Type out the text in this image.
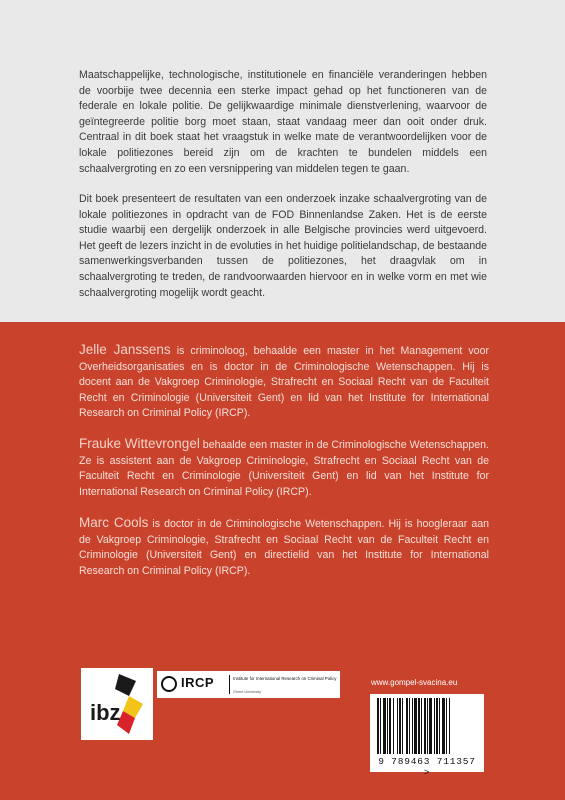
Maatschappelijke, technologische, institutionele en financiële veranderingen hebben de voorbije twee decennia een sterke impact gehad op het functioneren van de federale en lokale politie. De gelijkwaardige minimale dienstverlening, waarvoor de geïntegreerde politie borg moet staan, staat vandaag meer dan ooit onder druk. Centraal in dit boek staat het vraagstuk in welke mate de verantwoordelijken voor de lokale politiezones bereid zijn om de krachten te bundelen middels een schaalvergroting en zo een versnippering van middelen tegen te gaan.

Dit boek presenteert de resultaten van een onderzoek inzake schaalvergroting van de lokale politiezones in opdracht van de FOD Binnenlandse Zaken. Het is de eerste studie waarbij een dergelijk onderzoek in alle Belgische provincies werd uitgevoerd. Het geeft de lezers inzicht in de evoluties in het huidige politielandschap, de bestaande samenwerkingsverbanden tussen de politiezones, het draagvlak om in schaalvergroting te treden, de randvoorwaarden hiervoor en in welke vorm en met wie schaalvergroting mogelijk wordt geacht.

Jelle Janssens is criminoloog, behaalde een master in het Management voor Overheidsorganisaties en is doctor in de Criminologische Wetenschappen. Hij is docent aan de Vakgroep Criminologie, Strafrecht en Sociaal Recht van de Faculteit Recht en Criminologie (Universiteit Gent) en lid van het Institute for International Research on Criminal Policy (IRCP).

Frauke Wittevrongel behaalde een master in de Criminologische Wetenschappen. Ze is assistent aan de Vakgroep Criminologie, Strafrecht en Sociaal Recht van de Faculteit Recht en Criminologie (Universiteit Gent) en lid van het Institute for International Research on Criminal Policy (IRCP).

Marc Cools is doctor in de Criminologische Wetenschappen. Hij is hoogleraar aan de Vakgroep Criminologie, Strafrecht en Sociaal Recht van de Faculteit Recht en Criminologie (Universiteit Gent) en directielid van het Institute for International Research on Criminal Policy (IRCP).

ibz
IRCP	Institute for International Research on Criminal Policy
Ghent University
www.gompel-svacina.eu
9 789463 711357 >
